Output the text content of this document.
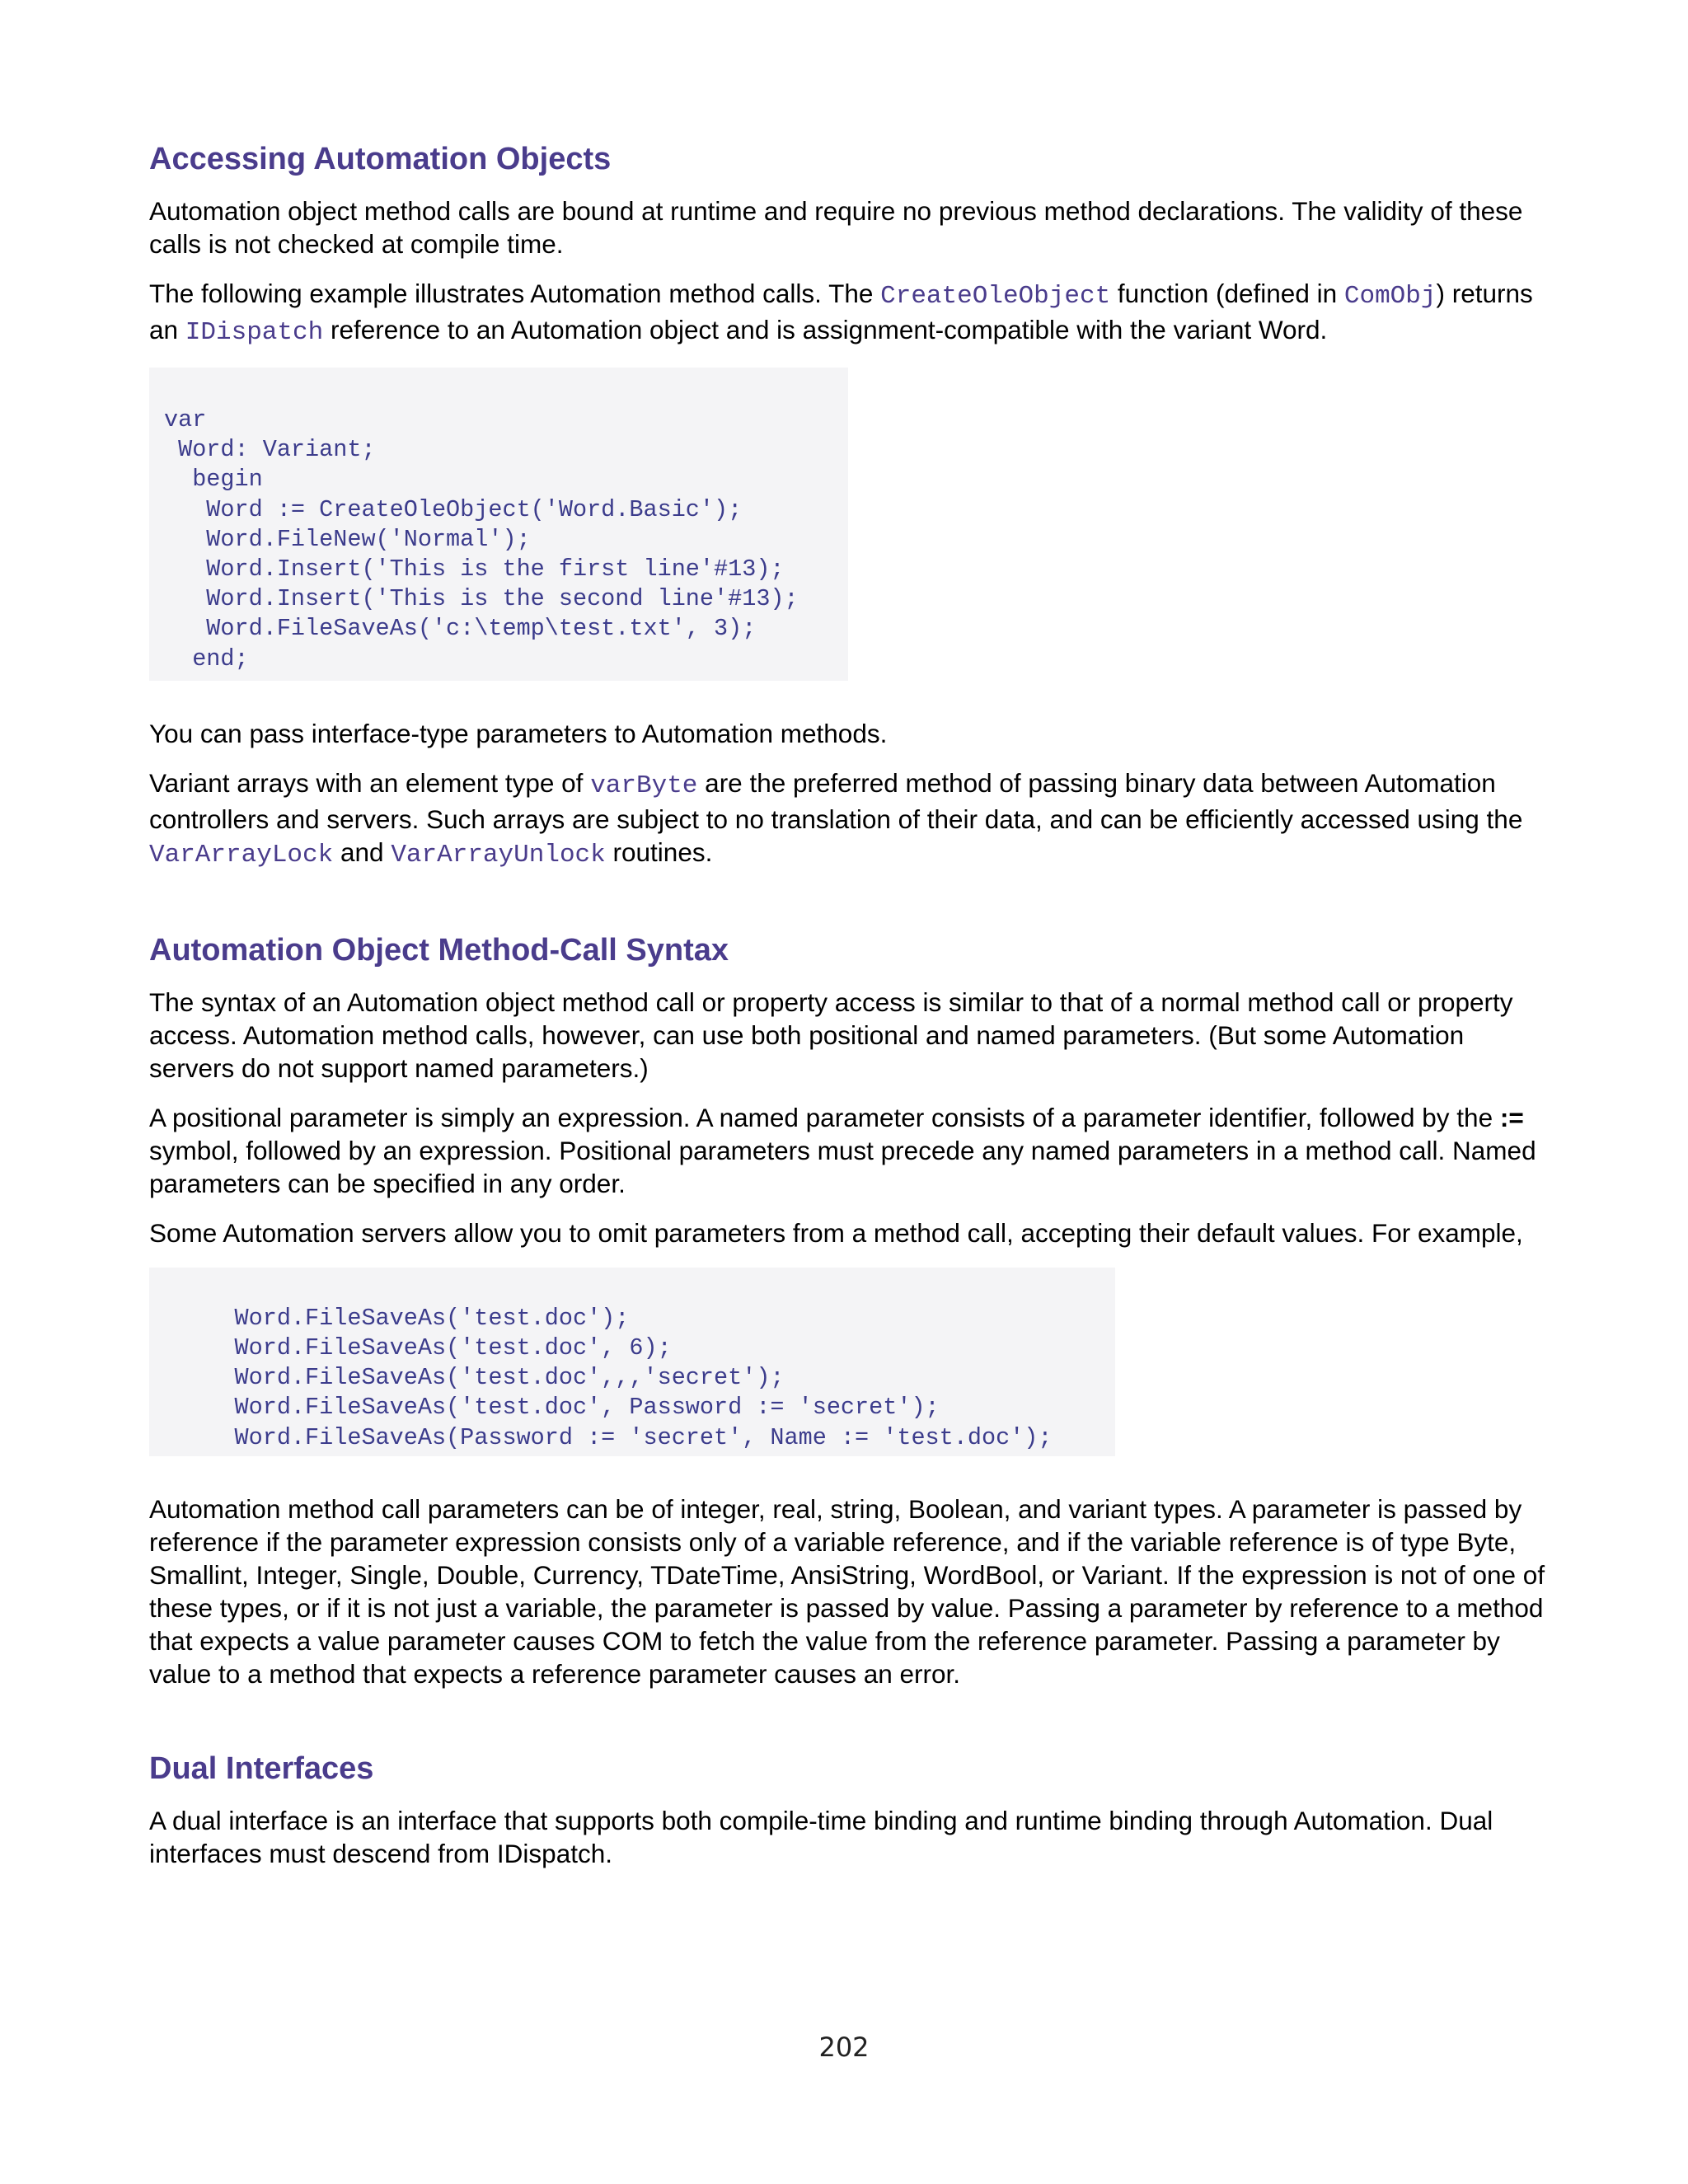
Accessing Automation Objects

Automation object method calls are bound at runtime and require no previous method declarations. The validity of these calls is not checked at compile time.

The following example illustrates Automation method calls. The CreateOleObject function (defined in ComObj) returns an IDispatch reference to an Automation object and is assignment-compatible with the variant Word.

var
Word: Variant;
begin
Word := CreateOleObject('Word.Basic');
Word.FileNew('Normal');
Word.Insert('This is the first line'#13);
Word.Insert('This is the second line'#13);
Word.FileSaveAs('c:\temp\test.txt', 3);
end;

You can pass interface-type parameters to Automation methods.

Variant arrays with an element type of varByte are the preferred method of passing binary data between Automation controllers and servers. Such arrays are subject to no translation of their data, and can be efficiently accessed using the VarArrayLock and VarArrayUnlock routines.

Automation Object Method-Call Syntax

The syntax of an Automation object method call or property access is similar to that of a normal method call or property access. Automation method calls, however, can use both positional and named parameters. (But some Automation servers do not support named parameters.)

A positional parameter is simply an expression. A named parameter consists of a parameter identifier, followed by the := symbol, followed by an expression. Positional parameters must precede any named parameters in a method call. Named parameters can be specified in any order.

Some Automation servers allow you to omit parameters from a method call, accepting their default values. For example,

Word.FileSaveAs('test.doc');
Word.FileSaveAs('test.doc', 6);
Word.FileSaveAs('test.doc',,,'secret');
Word.FileSaveAs('test.doc', Password := 'secret');
Word.FileSaveAs(Password := 'secret', Name := 'test.doc');

Automation method call parameters can be of integer, real, string, Boolean, and variant types. A parameter is passed by reference if the parameter expression consists only of a variable reference, and if the variable reference is of type Byte, Smallint, Integer, Single, Double, Currency, TDateTime, AnsiString, WordBool, or Variant. If the expression is not of one of these types, or if it is not just a variable, the parameter is passed by value. Passing a parameter by reference to a method that expects a value parameter causes COM to fetch the value from the reference parameter. Passing a parameter by value to a method that expects a reference parameter causes an error.

Dual Interfaces

A dual interface is an interface that supports both compile-time binding and runtime binding through Automation. Dual interfaces must descend from IDispatch.

202
